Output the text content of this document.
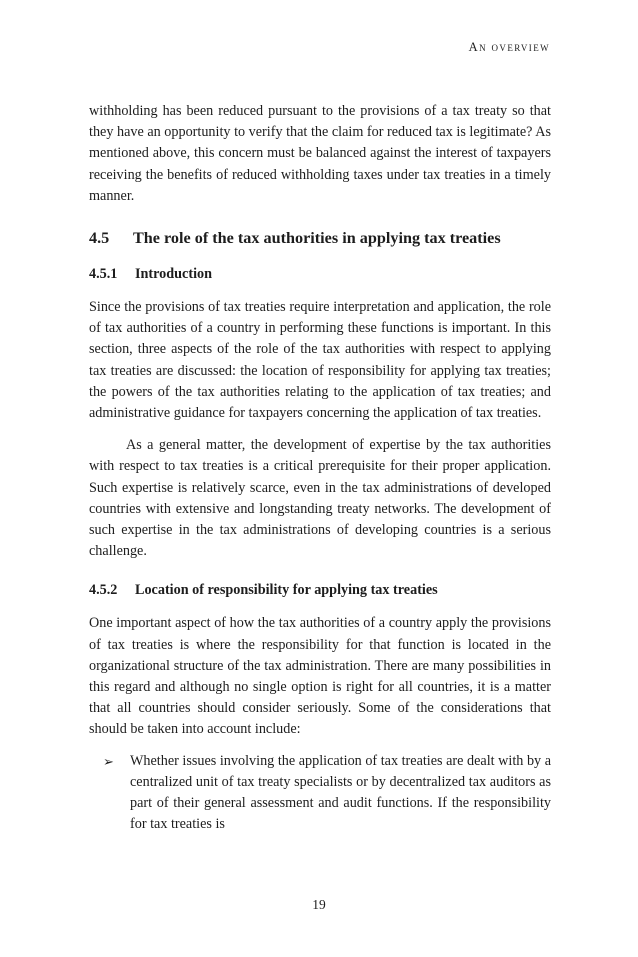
An overview

withholding has been reduced pursuant to the provisions of a tax treaty so that they have an opportunity to verify that the claim for reduced tax is legitimate? As mentioned above, this concern must be balanced against the interest of taxpayers receiving the benefits of reduced withholding taxes under tax treaties in a timely manner.

4.5	The role of the tax authorities in applying tax treaties
4.5.1	Introduction

Since the provisions of tax treaties require interpretation and application, the role of tax authorities of a country in performing these functions is important. In this section, three aspects of the role of the tax authorities with respect to applying tax treaties are discussed: the location of responsibility for applying tax treaties; the powers of the tax authorities relating to the application of tax treaties; and administrative guidance for taxpayers concerning the application of tax treaties.

As a general matter, the development of expertise by the tax authorities with respect to tax treaties is a critical prerequisite for their proper application. Such expertise is relatively scarce, even in the tax administrations of developed countries with extensive and longstanding treaty networks. The development of such expertise in the tax administrations of developing countries is a serious challenge.

4.5.2	Location of responsibility for applying tax treaties

One important aspect of how the tax authorities of a country apply the provisions of tax treaties is where the responsibility for that function is located in the organizational structure of the tax administration. There are many possibilities in this regard and although no single option is right for all countries, it is a matter that all countries should consider seriously. Some of the considerations that should be taken into account include:

➢	Whether issues involving the application of tax treaties are dealt with by a centralized unit of tax treaty specialists or by decentralized tax auditors as part of their general assessment and audit functions. If the responsibility for tax treaties is
19
